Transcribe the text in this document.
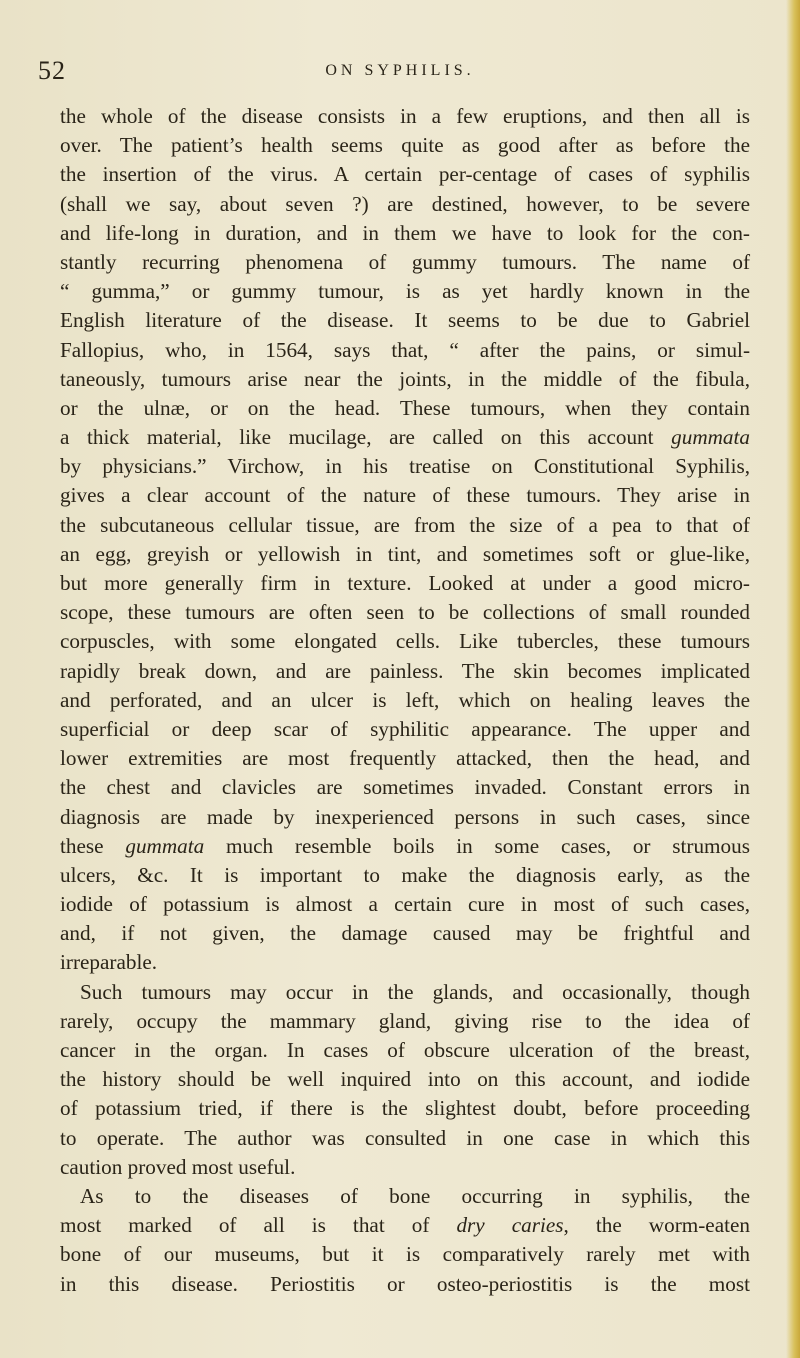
52	ON SYPHILIS.
the whole of the disease consists in a few eruptions, and then all is
over. The patient’s health seems quite as good after as before the
the insertion of the virus. A certain per-centage of cases of syphilis
(shall we say, about seven ?) are destined, however, to be severe
and life-long in duration, and in them we have to look for the con-
stantly recurring phenomena of gummy tumours. The name of
“ gumma,” or gummy tumour, is as yet hardly known in the
English literature of the disease. It seems to be due to Gabriel
Fallopius, who, in 1564, says that, “ after the pains, or simul-
taneously, tumours arise near the joints, in the middle of the fibula,
or the ulnæ, or on the head. These tumours, when they contain
a thick material, like mucilage, are called on this account gummata
by physicians.” Virchow, in his treatise on Constitutional Syphilis,
gives a clear account of the nature of these tumours. They arise in
the subcutaneous cellular tissue, are from the size of a pea to that of
an egg, greyish or yellowish in tint, and sometimes soft or glue-like,
but more generally firm in texture. Looked at under a good micro-
scope, these tumours are often seen to be collections of small rounded
corpuscles, with some elongated cells. Like tubercles, these tumours
rapidly break down, and are painless. The skin becomes implicated
and perforated, and an ulcer is left, which on healing leaves the
superficial or deep scar of syphilitic appearance. The upper and
lower extremities are most frequently attacked, then the head, and
the chest and clavicles are sometimes invaded. Constant errors in
diagnosis are made by inexperienced persons in such cases, since
these gummata much resemble boils in some cases, or strumous
ulcers, &c. It is important to make the diagnosis early, as the
iodide of potassium is almost a certain cure in most of such cases,
and, if not given, the damage caused may be frightful and
irreparable.
Such tumours may occur in the glands, and occasionally, though
rarely, occupy the mammary gland, giving rise to the idea of
cancer in the organ. In cases of obscure ulceration of the breast,
the history should be well inquired into on this account, and iodide
of potassium tried, if there is the slightest doubt, before proceeding
to operate. The author was consulted in one case in which this
caution proved most useful.
As to the diseases of bone occurring in syphilis, the
most marked of all is that of dry caries, the worm-eaten
bone of our museums, but it is comparatively rarely met with
in this disease. Periostitis or osteo-periostitis is the most
